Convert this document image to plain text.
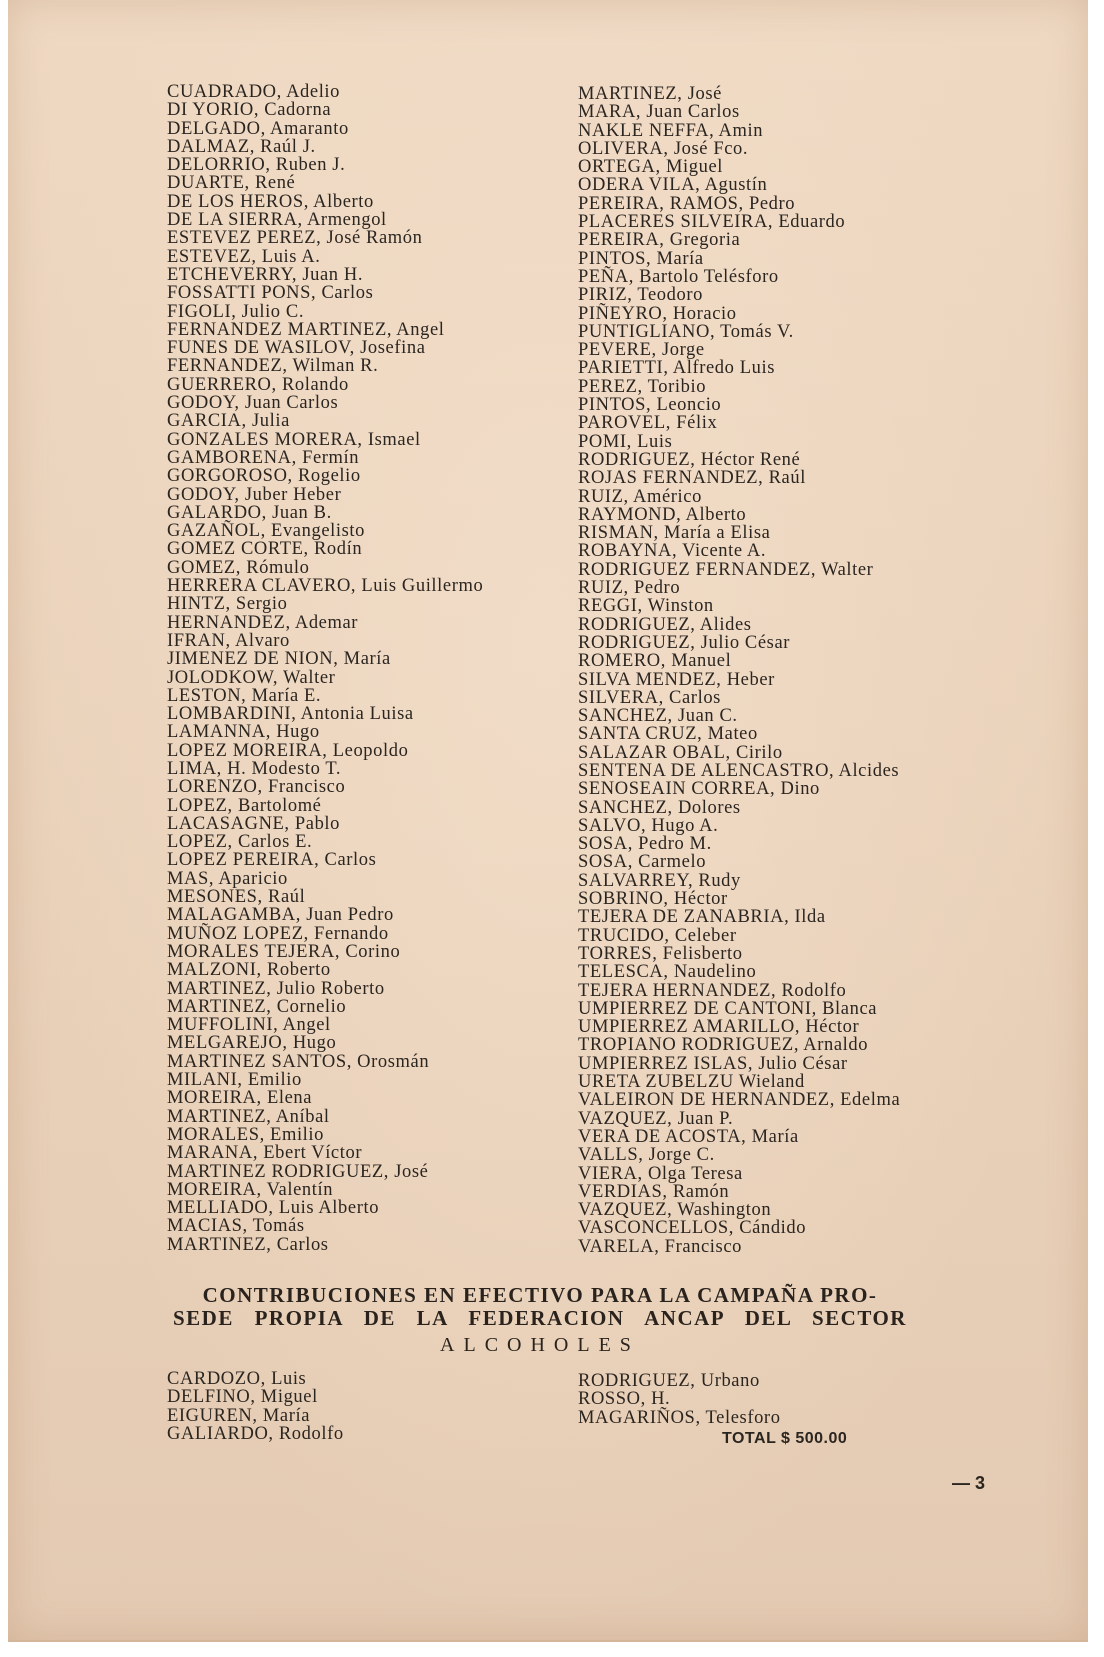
CUADRADO, Adelio
DI YORIO, Cadorna
DELGADO, Amaranto
DALMAZ, Raúl J.
DELORRIO, Ruben J.
DUARTE, René
DE LOS HEROS, Alberto
DE LA SIERRA, Armengol
ESTEVEZ PEREZ, José Ramón
ESTEVEZ, Luis A.
ETCHEVERRY, Juan H.
FOSSATTI PONS, Carlos
FIGOLI, Julio C.
FERNANDEZ MARTINEZ, Angel
FUNES DE WASILOV, Josefina
FERNANDEZ, Wilman R.
GUERRERO, Rolando
GODOY, Juan Carlos
GARCIA, Julia
GONZALES MORERA, Ismael
GAMBORENA, Fermín
GORGOROSO, Rogelio
GODOY, Juber Heber
GALARDO, Juan B.
GAZAÑOL, Evangelisto
GOMEZ CORTE, Rodín
GOMEZ, Rómulo
HERRERA CLAVERO, Luis Guillermo
HINTZ, Sergio
HERNANDEZ, Ademar
IFRAN, Alvaro
JIMENEZ DE NION, María
JOLODKOW, Walter
LESTON, María E.
LOMBARDINI, Antonia Luisa
LAMANNA, Hugo
LOPEZ MOREIRA, Leopoldo
LIMA, H. Modesto T.
LORENZO, Francisco
LOPEZ, Bartolomé
LACASAGNE, Pablo
LOPEZ, Carlos E.
LOPEZ PEREIRA, Carlos
MAS, Aparicio
MESONES, Raúl
MALAGAMBA, Juan Pedro
MUÑOZ LOPEZ, Fernando
MORALES TEJERA, Corino
MALZONI, Roberto
MARTINEZ, Julio Roberto
MARTINEZ, Cornelio
MUFFOLINI, Angel
MELGAREJO, Hugo
MARTINEZ SANTOS, Orosmán
MILANI, Emilio
MOREIRA, Elena
MARTINEZ, Aníbal
MORALES, Emilio
MARANA, Ebert Víctor
MARTINEZ RODRIGUEZ, José
MOREIRA, Valentín
MELLIADO, Luis Alberto
MACIAS, Tomás
MARTINEZ, Carlos
MARTINEZ, José
MARA, Juan Carlos
NAKLE NEFFA, Amin
OLIVERA, José Fco.
ORTEGA, Miguel
ODERA VILA, Agustín
PEREIRA, RAMOS, Pedro
PLACERES SILVEIRA, Eduardo
PEREIRA, Gregoria
PINTOS, María
PEÑA, Bartolo Telésforo
PIRIZ, Teodoro
PIÑEYRO, Horacio
PUNTIGLIANO, Tomás V.
PEVERE, Jorge
PARIETTI, Alfredo Luis
PEREZ, Toribio
PINTOS, Leoncio
PAROVEL, Félix
POMI, Luis
RODRIGUEZ, Héctor René
ROJAS FERNANDEZ, Raúl
RUIZ, Américo
RAYMOND, Alberto
RISMAN, María a Elisa
ROBAYNA, Vicente A.
RODRIGUEZ FERNANDEZ, Walter
RUIZ, Pedro
REGGI, Winston
RODRIGUEZ, Alides
RODRIGUEZ, Julio César
ROMERO, Manuel
SILVA MENDEZ, Heber
SILVERA, Carlos
SANCHEZ, Juan C.
SANTA CRUZ, Mateo
SALAZAR OBAL, Cirilo
SENTENA DE ALENCASTRO, Alcides
SENOSEAIN CORREA, Dino
SANCHEZ, Dolores
SALVO, Hugo A.
SOSA, Pedro M.
SOSA, Carmelo
SALVARREY, Rudy
SOBRINO, Héctor
TEJERA DE ZANABRIA, Ilda
TRUCIDO, Celeber
TORRES, Felisberto
TELESCA, Naudelino
TEJERA HERNANDEZ, Rodolfo
UMPIERREZ DE CANTONI, Blanca
UMPIERREZ AMARILLO, Héctor
TROPIANO RODRIGUEZ, Arnaldo
UMPIERREZ ISLAS, Julio César
URETA ZUBELZU Wieland
VALEIRON DE HERNANDEZ, Edelma
VAZQUEZ, Juan P.
VERA DE ACOSTA, María
VALLS, Jorge C.
VIERA, Olga Teresa
VERDIAS, Ramón
VAZQUEZ, Washington
VASCONCELLOS, Cándido
VARELA, Francisco
CONTRIBUCIONES EN EFECTIVO PARA LA CAMPAÑA PRO-
SEDE PROPIA DE LA FEDERACION ANCAP DEL SECTOR
ALCOHOLES
CARDOZO, Luis
DELFINO, Miguel
EIGUREN, María
GALIARDO, Rodolfo
RODRIGUEZ, Urbano
ROSSO, H.
MAGARIÑOS, Telesforo
TOTAL $ 500.00
— 3
